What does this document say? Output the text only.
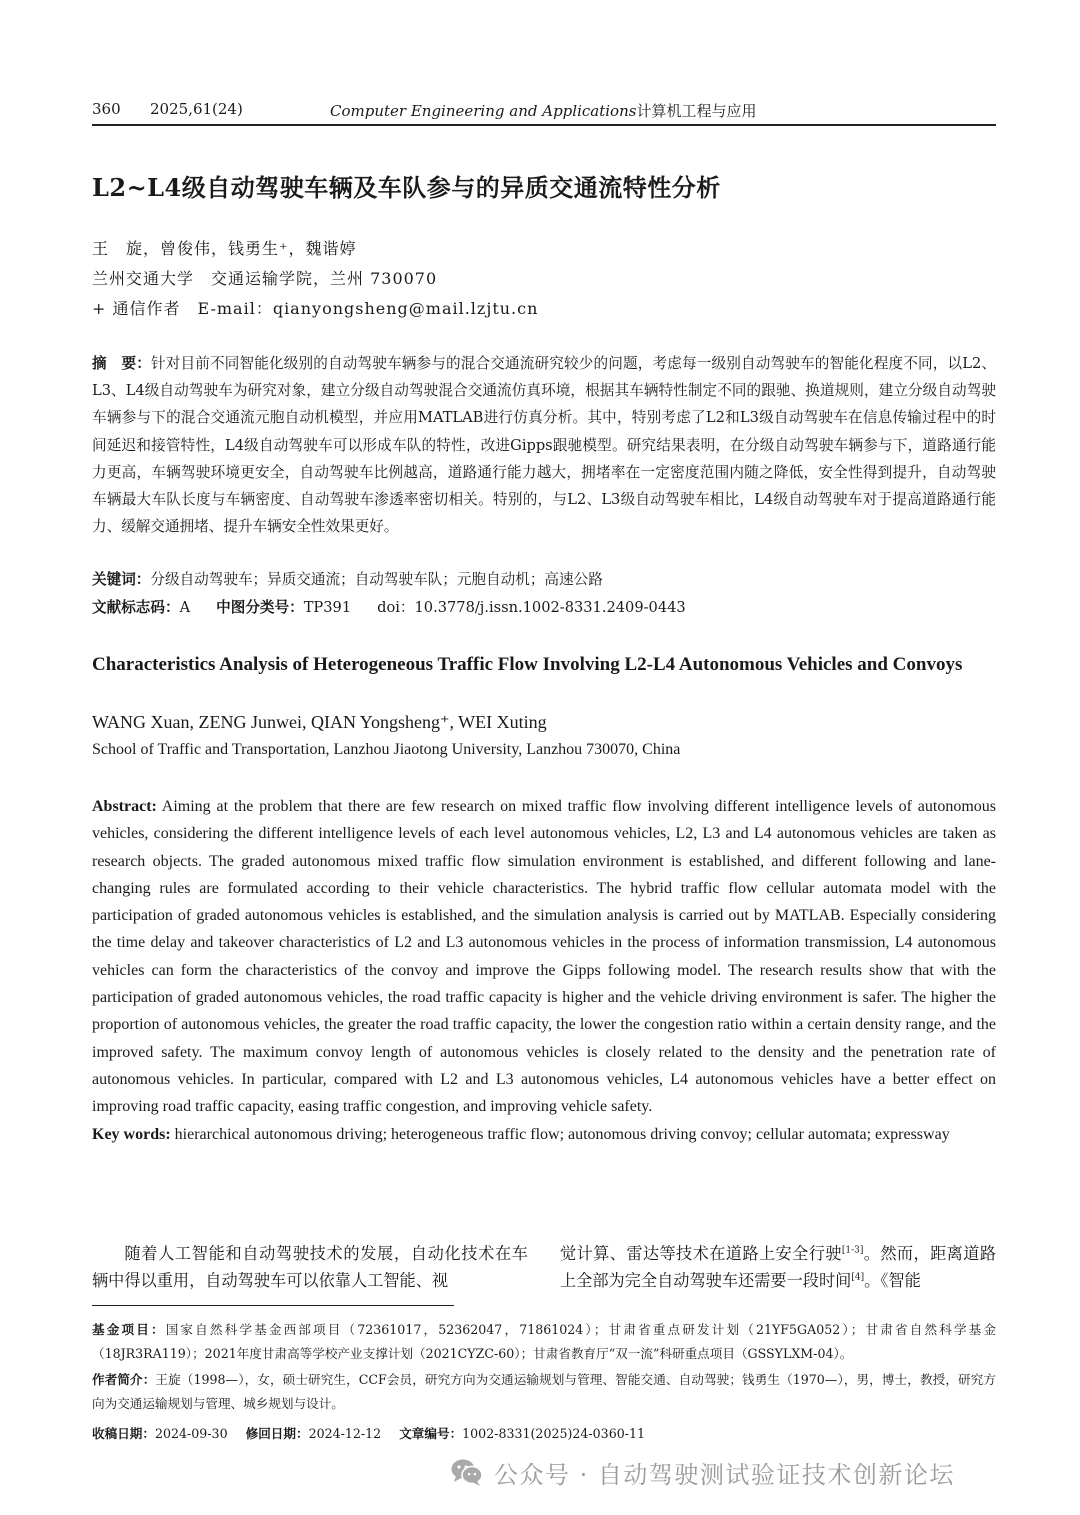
360 2025,61(24)	Computer Engineering and Applications计算机工程与应用
L2~L4级自动驾驶车辆及车队参与的异质交通流特性分析
王　旋，曾俊伟，钱勇生⁺，魏谐婷
兰州交通大学　交通运输学院，兰州 730070
+ 通信作者　E-mail：qianyongsheng@mail.lzjtu.cn
摘　要：针对目前不同智能化级别的自动驾驶车辆参与的混合交通流研究较少的问题，考虑每一级别自动驾驶车的智能化程度不同，以L2、L3、L4级自动驾驶车为研究对象，建立分级自动驾驶混合交通流仿真环境，根据其车辆特性制定不同的跟驰、换道规则，建立分级自动驾驶车辆参与下的混合交通流元胞自动机模型，并应用MATLAB进行仿真分析。其中，特别考虑了L2和L3级自动驾驶车在信息传输过程中的时间延迟和接管特性，L4级自动驾驶车可以形成车队的特性，改进Gipps跟驰模型。研究结果表明，在分级自动驾驶车辆参与下，道路通行能力更高，车辆驾驶环境更安全，自动驾驶车比例越高，道路通行能力越大，拥堵率在一定密度范围内随之降低，安全性得到提升，自动驾驶车辆最大车队长度与车辆密度、自动驾驶车渗透率密切相关。特别的，与L2、L3级自动驾驶车相比，L4级自动驾驶车对于提高道路通行能力、缓解交通拥堵、提升车辆安全性效果更好。
关键词：分级自动驾驶车；异质交通流；自动驾驶车队；元胞自动机；高速公路
文献标志码：A 中图分类号：TP391 doi：10.3778/j.issn.1002-8331.2409-0443
Characteristics Analysis of Heterogeneous Traffic Flow Involving L2-L4 Autonomous Vehicles and Convoys
WANG Xuan, ZENG Junwei, QIAN Yongsheng⁺, WEI Xuting
School of Traffic and Transportation, Lanzhou Jiaotong University, Lanzhou 730070, China
Abstract: Aiming at the problem that there are few research on mixed traffic flow involving different intelligence levels of autonomous vehicles, considering the different intelligence levels of each level autonomous vehicles, L2, L3 and L4 autonomous vehicles are taken as research objects. The graded autonomous mixed traffic flow simulation environment is established, and different following and lane-changing rules are formulated according to their vehicle characteristics. The hybrid traffic flow cellular automata model with the participation of graded autonomous vehicles is established, and the simulation analysis is carried out by MATLAB. Especially considering the time delay and takeover characteristics of L2 and L3 autonomous vehicles in the process of information transmission, L4 autonomous vehicles can form the characteristics of the convoy and improve the Gipps following model. The research results show that with the participation of graded autonomous vehicles, the road traffic capacity is higher and the vehicle driving environment is safer. The higher the proportion of autonomous vehicles, the greater the road traffic capacity, the lower the congestion ratio within a certain density range, and the improved safety. The maximum convoy length of autonomous vehicles is closely related to the density and the penetration rate of autonomous vehicles. In particular, compared with L2 and L3 autonomous vehicles, L4 autonomous vehicles have a better effect on improving road traffic capacity, easing traffic congestion, and improving vehicle safety.
Key words: hierarchical autonomous driving; heterogeneous traffic flow; autonomous driving convoy; cellular automata; expressway
随着人工智能和自动驾驶技术的发展，自动化技术在车辆中得以重用，自动驾驶车可以依靠人工智能、视
觉计算、雷达等技术在道路上安全行驶[1-3]。然而，距离道路上全部为完全自动驾驶车还需要一段时间[4]。《智能
基金项目：国家自然科学基金西部项目（72361017，52362047，71861024）；甘肃省重点研发计划（21YF5GA052）；甘肃省自然科学基金（18JR3RA119）；2021年度甘肃高等学校产业支撑计划（2021CYZC-60）；甘肃省教育厅“双一流”科研重点项目（GSSYLXM-04）。
作者简介：王旋（1998—），女，硕士研究生，CCF会员，研究方向为交通运输规划与管理、智能交通、自动驾驶；钱勇生（1970—），男，博士，教授，研究方向为交通运输规划与管理、城乡规划与设计。
收稿日期：2024-09-30 修回日期：2024-12-12 文章编号：1002-8331(2025)24-0360-11
公众号 · 自动驾驶测试验证技术创新论坛
